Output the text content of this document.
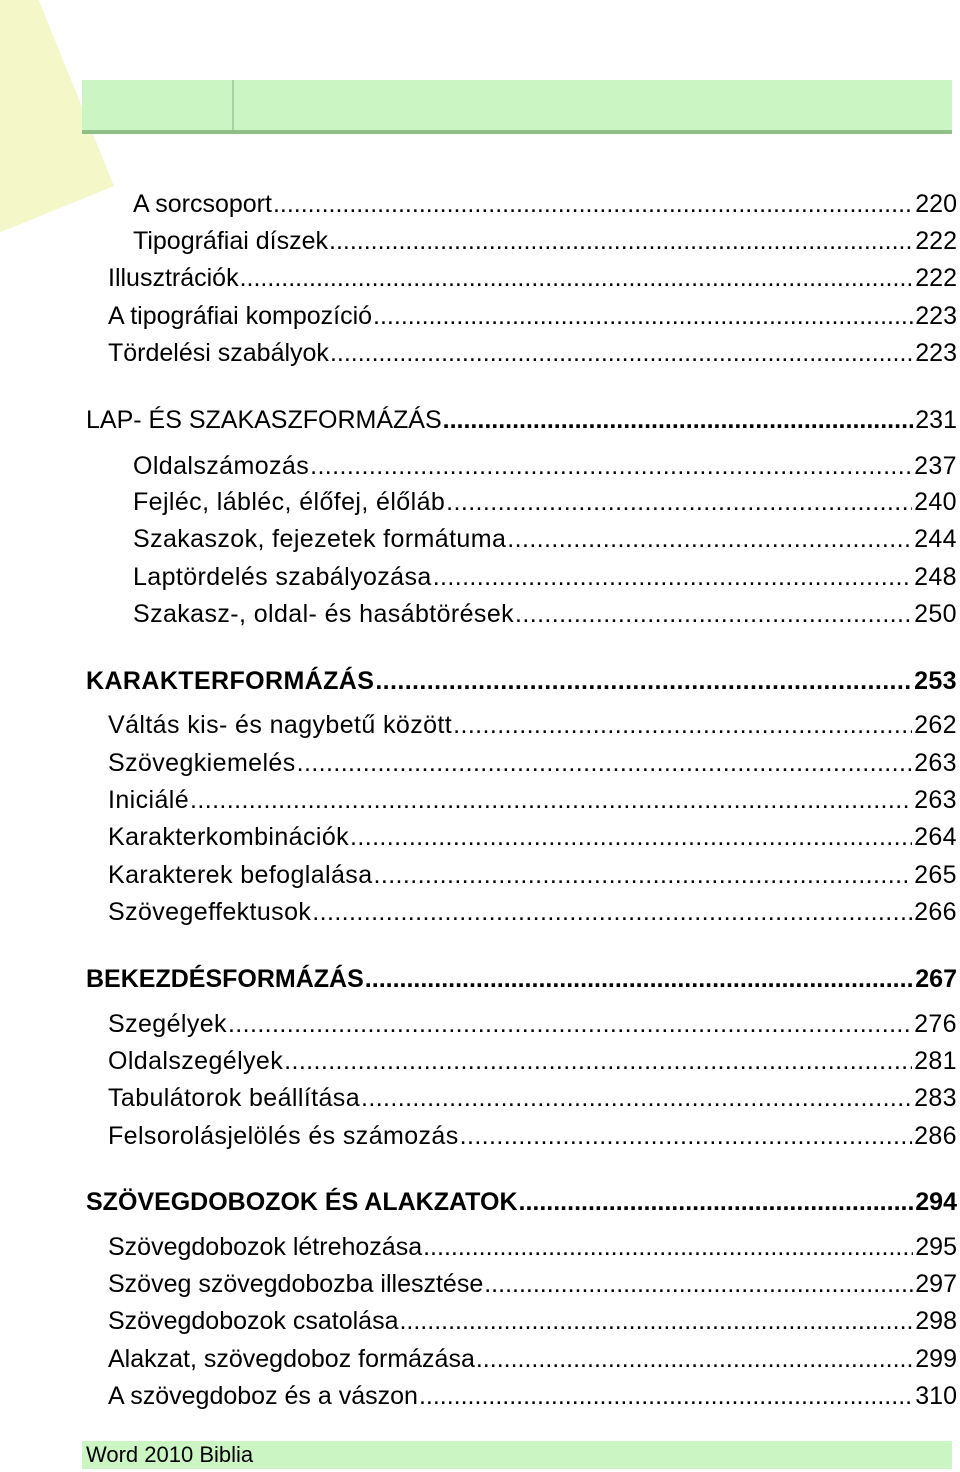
A sorcsoport .....	220
Tipográfiai díszek .....	222
Illusztrációk .....	222
A tipográfiai kompozíció .....	223
Tördelési szabályok .....	223
LAP- ÉS SZAKASZFORMÁZÁS .....	231
Oldalszámozás .....	237
Fejléc, lábléc, élőfej, élőláb .....	240
Szakaszok, fejezetek formátuma .....	244
Laptördelés szabályozása .....	248
Szakasz-, oldal- és hasábtörések .....	250
KARAKTERFORMÁZÁS .....	253
Váltás kis- és nagybetű között .....	262
Szövegkiemelés .....	263
Iniciálé .....	263
Karakterkombinációk .....	264
Karakterek befoglalása .....	265
Szövegeffektusok .....	266
BEKEZDÉSFORMÁZÁS .....	267
Szegélyek .....	276
Oldalszegélyek .....	281
Tabulátorok beállítása .....	283
Felsorolásjelölés és számozás .....	286
SZÖVEGDOBOZOK ÉS ALAKZATOK .....	294
Szövegdobozok létrehozása .....	295
Szöveg szövegdobozba illesztése .....	297
Szövegdobozok csatolása .....	298
Alakzat, szövegdoboz formázása .....	299
A szövegdoboz és a vászon .....	310
Word 2010 Biblia
